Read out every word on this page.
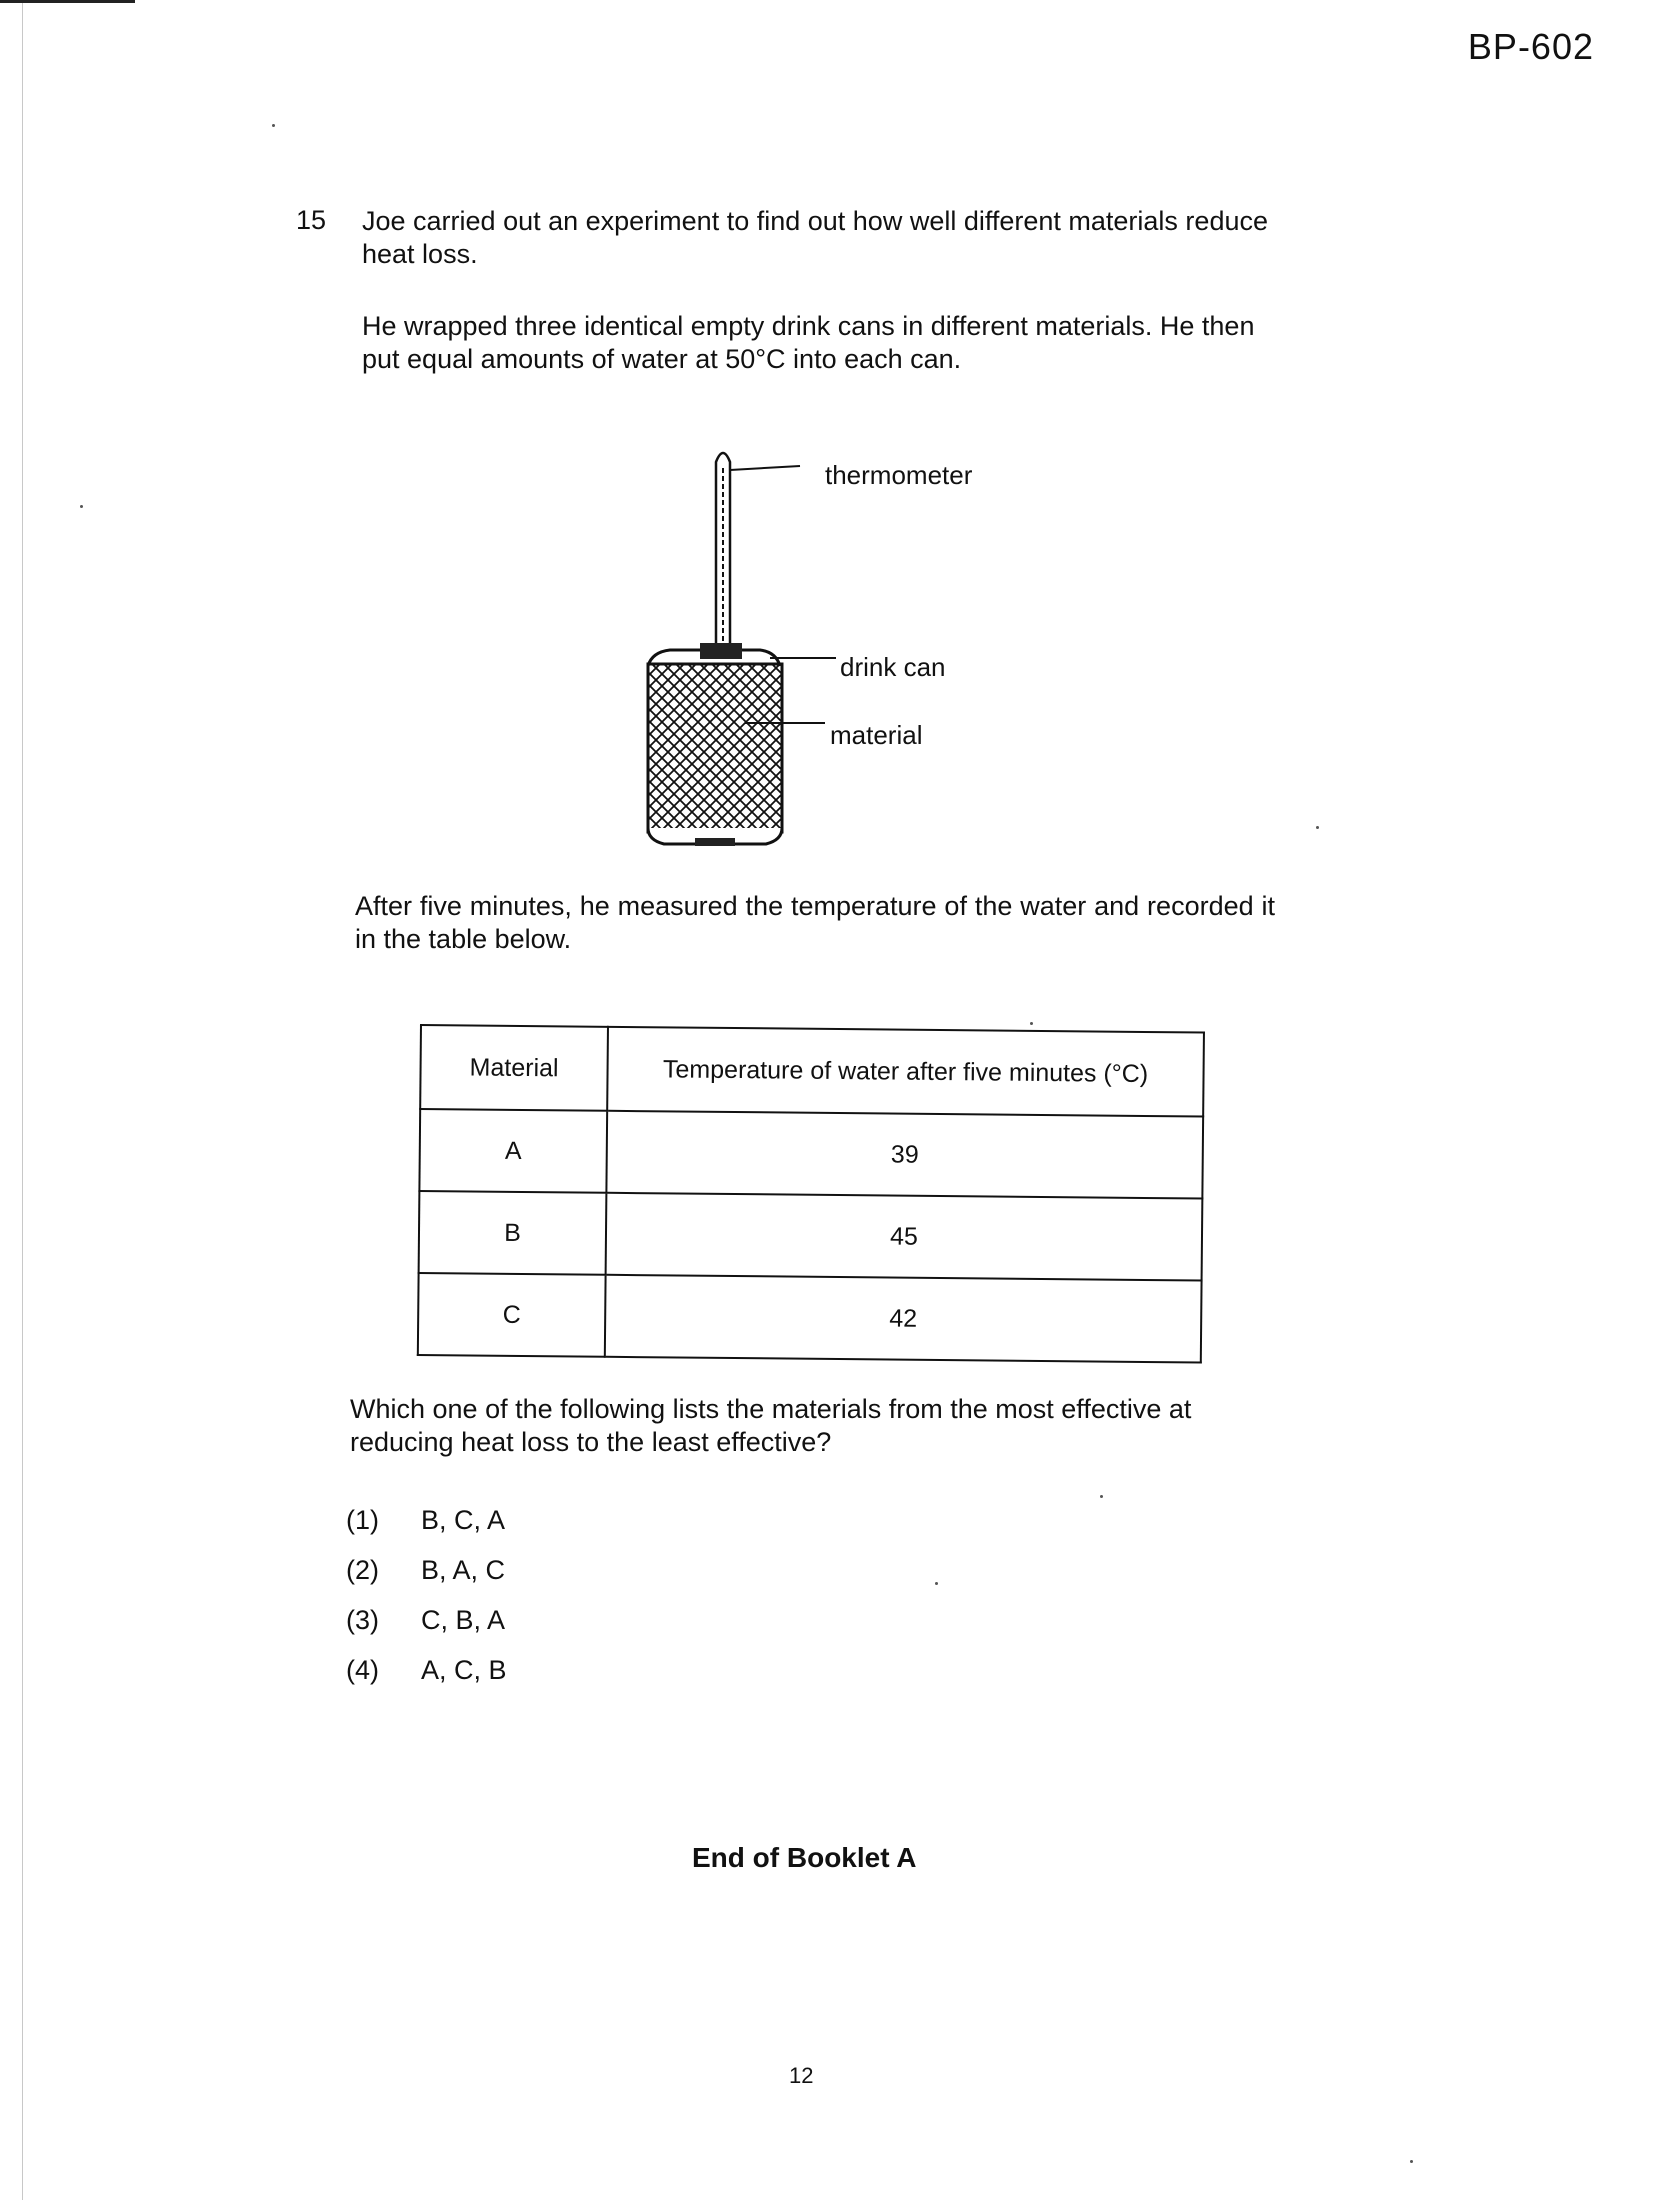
BP-602
15 Joe carried out an experiment to find out how well different materials reduce heat loss.
He wrapped three identical empty drink cans in different materials. He then put equal amounts of water at 50°C into each can.
thermometer
drink can
material
After five minutes, he measured the temperature of the water and recorded it in the table below.
Material	Temperature of water after five minutes (°C)
A	39
B	45
C	42
Which one of the following lists the materials from the most effective at reducing heat loss to the least effective?
(1)	B, C, A
(2)	B, A, C
(3)	C, B, A
(4)	A, C, B
End of Booklet A
12
